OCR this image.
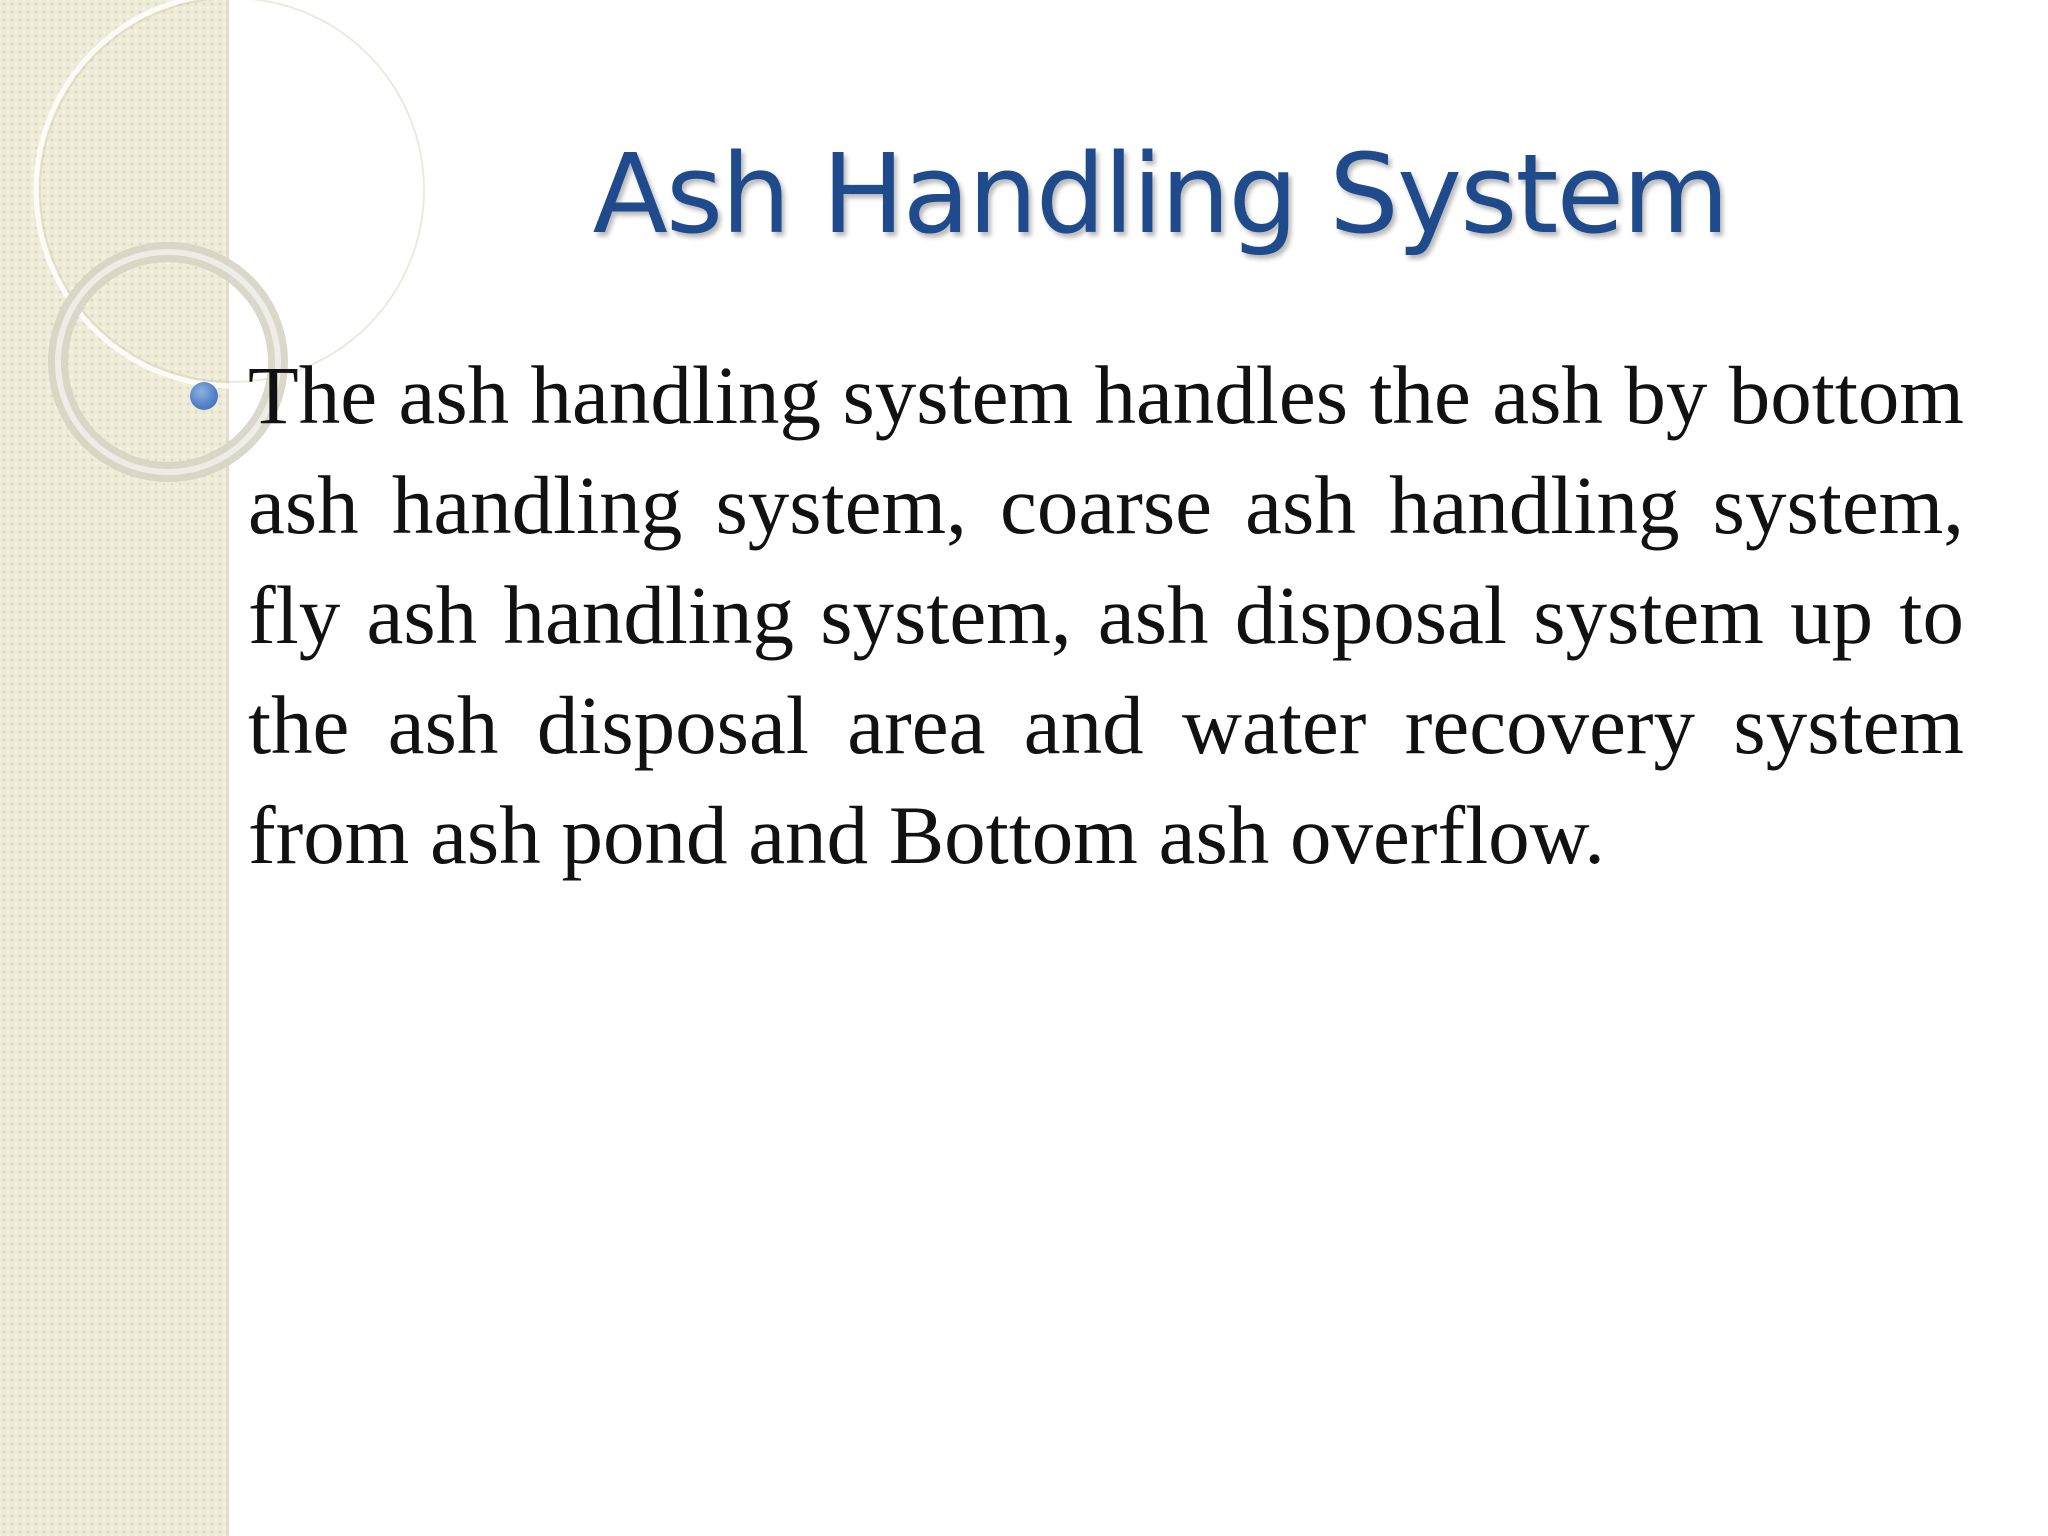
Ash Handling System
The ash handling system handles the ash by bottom ash handling system, coarse ash handling system, fly ash handling system, ash disposal system up to the ash disposal area and water recovery system from ash pond and Bottom ash overflow.
